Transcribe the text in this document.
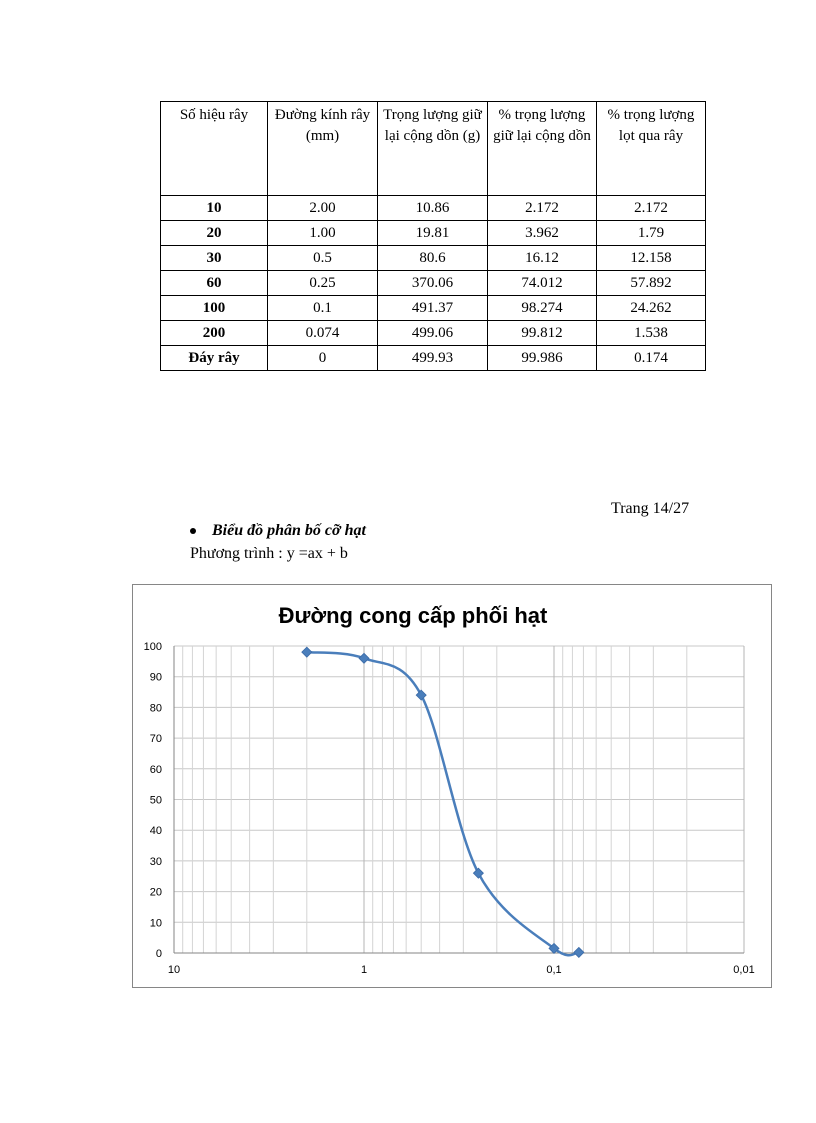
Số hiệu rây	Đường kính rây (mm)	Trọng lượng giữ lại cộng dồn (g)	% trọng lượng giữ lại cộng dồn	% trọng lượng lọt qua rây
10	2.00	10.86	2.172	2.172
20	1.00	19.81	3.962	1.79
30	0.5	80.6	16.12	12.158
60	0.25	370.06	74.012	57.892
100	0.1	491.37	98.274	24.262
200	0.074	499.06	99.812	1.538
Đáy rây	0	499.93	99.986	0.174
Trang 14/27
Biểu đồ phân bố cỡ hạt
Phương trình : y =ax + b
Đường cong cấp phối hạt
0
10
20
30
40
50
60
70
80
90
100
10	1	0,1	0,01
